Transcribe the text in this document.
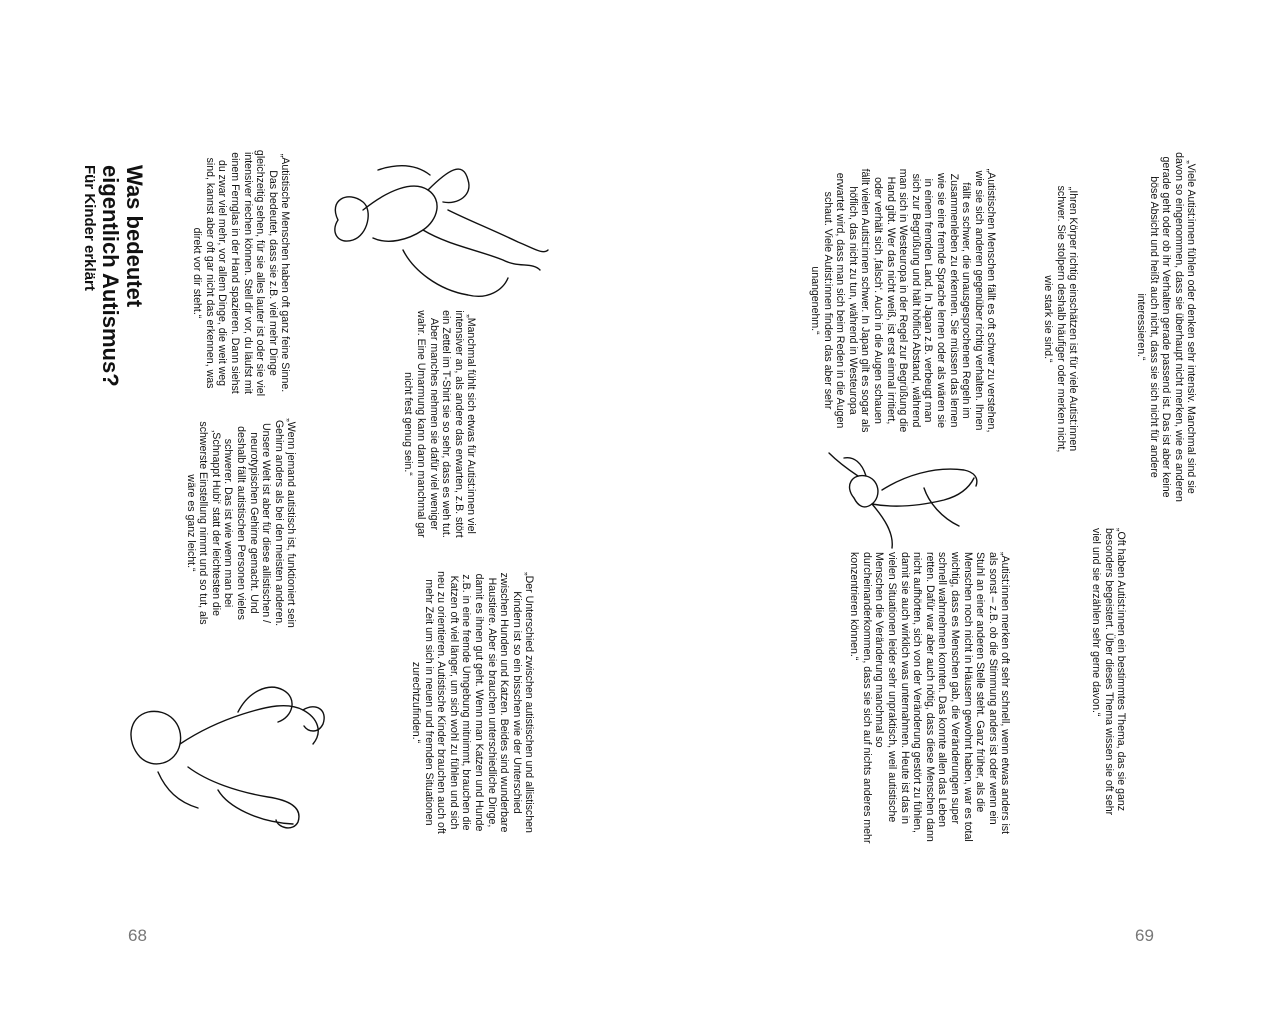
Was bedeutet
eigentlich Autismus?
Für Kinder erklärt	„Autistische Menschen haben oft ganz feine Sinne. Das bedeutet, dass sie z.B. viel mehr Dinge gleichzeitig sehen, für sie alles lauter ist oder sie viel intensiver riechen können. Stell dir vor, du läufst mit einem Fernglas in der Hand spazieren. Dann siehst du zwar viel mehr, vor allem Dinge, die weit weg sind, kannst aber oft gar nicht das erkennen, was direkt vor dir steht.“

„Wenn jemand autistisch ist, funktioniert sein Gehirn anders als bei den meisten anderen. Unsere Welt ist aber für diese allistischen / neurotypischen Gehirne gemacht. Und deshalb fällt autistischen Personen vieles schwerer. Das ist wie wenn man bei ‚Schnappt Hubi‘ statt der leichtesten die schwerste Einstellung nimmt und so tut, als wäre es ganz leicht.“	„Manchmal fühlt sich etwas für Autist:innen viel intensiver an, als andere das erwarten, z.B. stört ein Zettel im T-Shirt sie so sehr, dass es weh tut. Aber manches nehmen sie dafür viel weniger wahr. Eine Umarmung kann dann manchmal gar nicht fest genug sein.“

„Der Unterschied zwischen autistischen und allistischen Kindern ist so ein bisschen wie der Unterschied zwischen Hunden und Katzen. Beides sind wunderbare Haustiere. Aber sie brauchen unterschiedliche Dinge, damit es ihnen gut geht. Wenn man Katzen und Hunde z.B. in eine fremde Umgebung mitnimmt, brauchen die Katzen oft viel länger, um sich wohl zu fühlen und sich neu zu orientieren. Autistische Kinder brauchen auch oft mehr Zeit um sich in neuen und fremden Situationen zurechtzufinden.“

68

„Autistischen Menschen fällt es oft schwer zu verstehen, wie sie sich anderen gegenüber richtig verhalten. Ihnen fällt es schwer, die unausgesprochenen Regeln im Zusammenleben zu erkennen. Sie müssen das lernen wie sie eine fremde Sprache lernen oder als wären sie in einem fremden Land. In Japan z.B. verbeugt man sich zur Begrüßung und hält höflich Abstand, während man sich in Westeuropa in der Regel zur Begrüßung die Hand gibt. Wer das nicht weiß, ist erst einmal irritiert, oder verhält sich ‚falsch‘. Auch in die Augen schauen fällt vielen Autist:innen schwer. In Japan gilt es sogar als höflich, das nicht zu tun, während in Westeuropa erwartet wird, dass man sich beim Reden in die Augen schaut. Viele Autist:innen finden das aber sehr unangenehm.“	„Ihren Körper richtig einschätzen ist für viele Autist:innen schwer. Sie stolpern deshalb häufiger oder merken nicht, wie stark sie sind.“	„Viele Autist:innen fühlen oder denken sehr intensiv. Manchmal sind sie davon so eingenommen, dass sie überhaupt nicht merken, wie es anderen gerade geht oder ob ihr Verhalten gerade passend ist. Das ist aber keine böse Absicht und heißt auch nicht, dass sie sich nicht für andere interessieren.“

„Autist:innen merken oft sehr schnell, wenn etwas anders ist als sonst – z.B. ob die Stimmung anders ist oder wenn ein Stuhl an einer anderen Stelle steht. Ganz früher, als die Menschen noch nicht in Häusern gewohnt haben, war es total wichtig, dass es Menschen gab, die Veränderungen super schnell wahrnehmen konnten. Das konnte allen das Leben retten. Dafür war aber auch nötig, dass diese Menschen dann nicht aufhörten, sich von der Veränderung gestört zu fühlen, damit sie auch wirklich was unternahmen. Heute ist das in vielen Situationen leider sehr unpraktisch, weil autistische Menschen die Veränderung manchmal so durcheinanderkommen, dass sie sich auf nichts anderes mehr konzentrieren können.“	„Oft haben Autist:innen ein bestimmtes Thema, das sie ganz besonders begeistert. Über dieses Thema wissen sie oft sehr viel und sie erzählen sehr gerne davon.“

69
